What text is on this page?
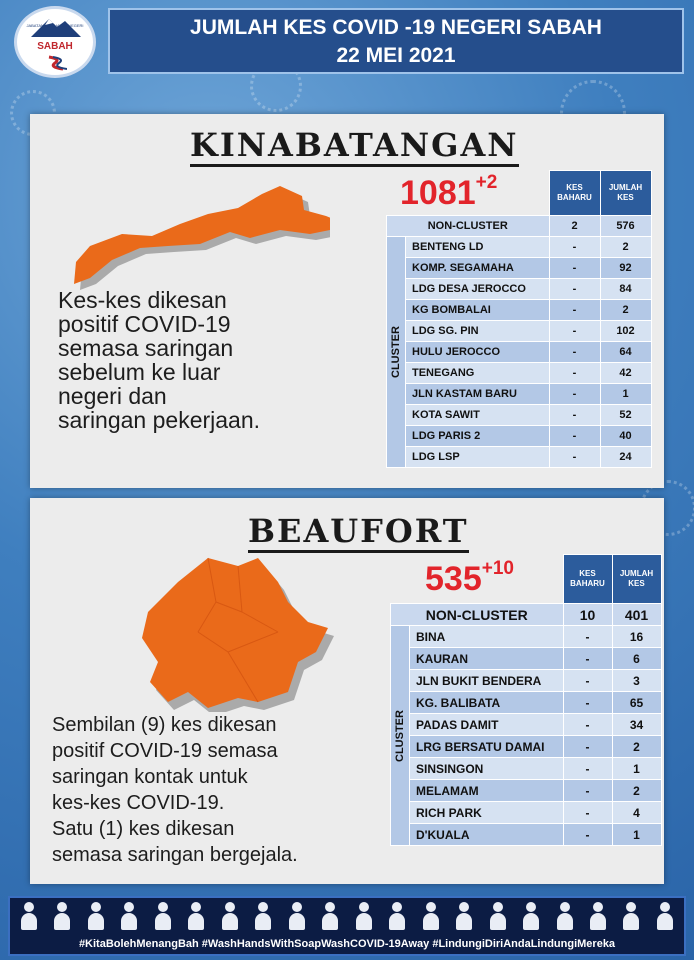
JABATAN KESIHATAN NEGERI
SABAH
JUMLAH KES COVID -19 NEGERI SABAH
22 MEI 2021
KINABATANGAN
$1081^{+2}$
Kes-kes dikesan
positif COVID-19
semasa saringan
sebelum ke luar
negeri dan
saringan pekerjaan.
		KES BAHARU	JUMLAH KES
NON-CLUSTER		2	576

CLUSTER	BENTENG LD	-	2
	KOMP. SEGAMAHA	-	92
	LDG DESA JEROCCO	-	84
	KG BOMBALAI	-	2
	LDG SG. PIN	-	102
	HULU JEROCCO	-	64
	TENEGANG	-	42
	JLN KASTAM BARU	-	1
	KOTA SAWIT	-	52
	LDG PARIS 2	-	40
	LDG LSP	-	24
BEAUFORT
$535^{+10}$
Sembilan (9) kes dikesan
positif COVID-19 semasa
saringan kontak untuk
kes-kes COVID-19.
Satu (1) kes dikesan
semasa saringan bergejala.
		KES BAHARU	JUMLAH KES
NON-CLUSTER		10	401

CLUSTER	BINA	-	16
	KAURAN	-	6
	JLN BUKIT BENDERA	-	3
	KG. BALIBATA	-	65
	PADAS DAMIT	-	34
	LRG BERSATU DAMAI	-	2
	SINSINGON	-	1
	MELAMAM	-	2
	RICH PARK	-	4
	D'KUALA	-	1
#KitaBolehMenangBah #WashHandsWithSoapWashCOVID-19Away #LindungiDiriAndaLindungiMereka
